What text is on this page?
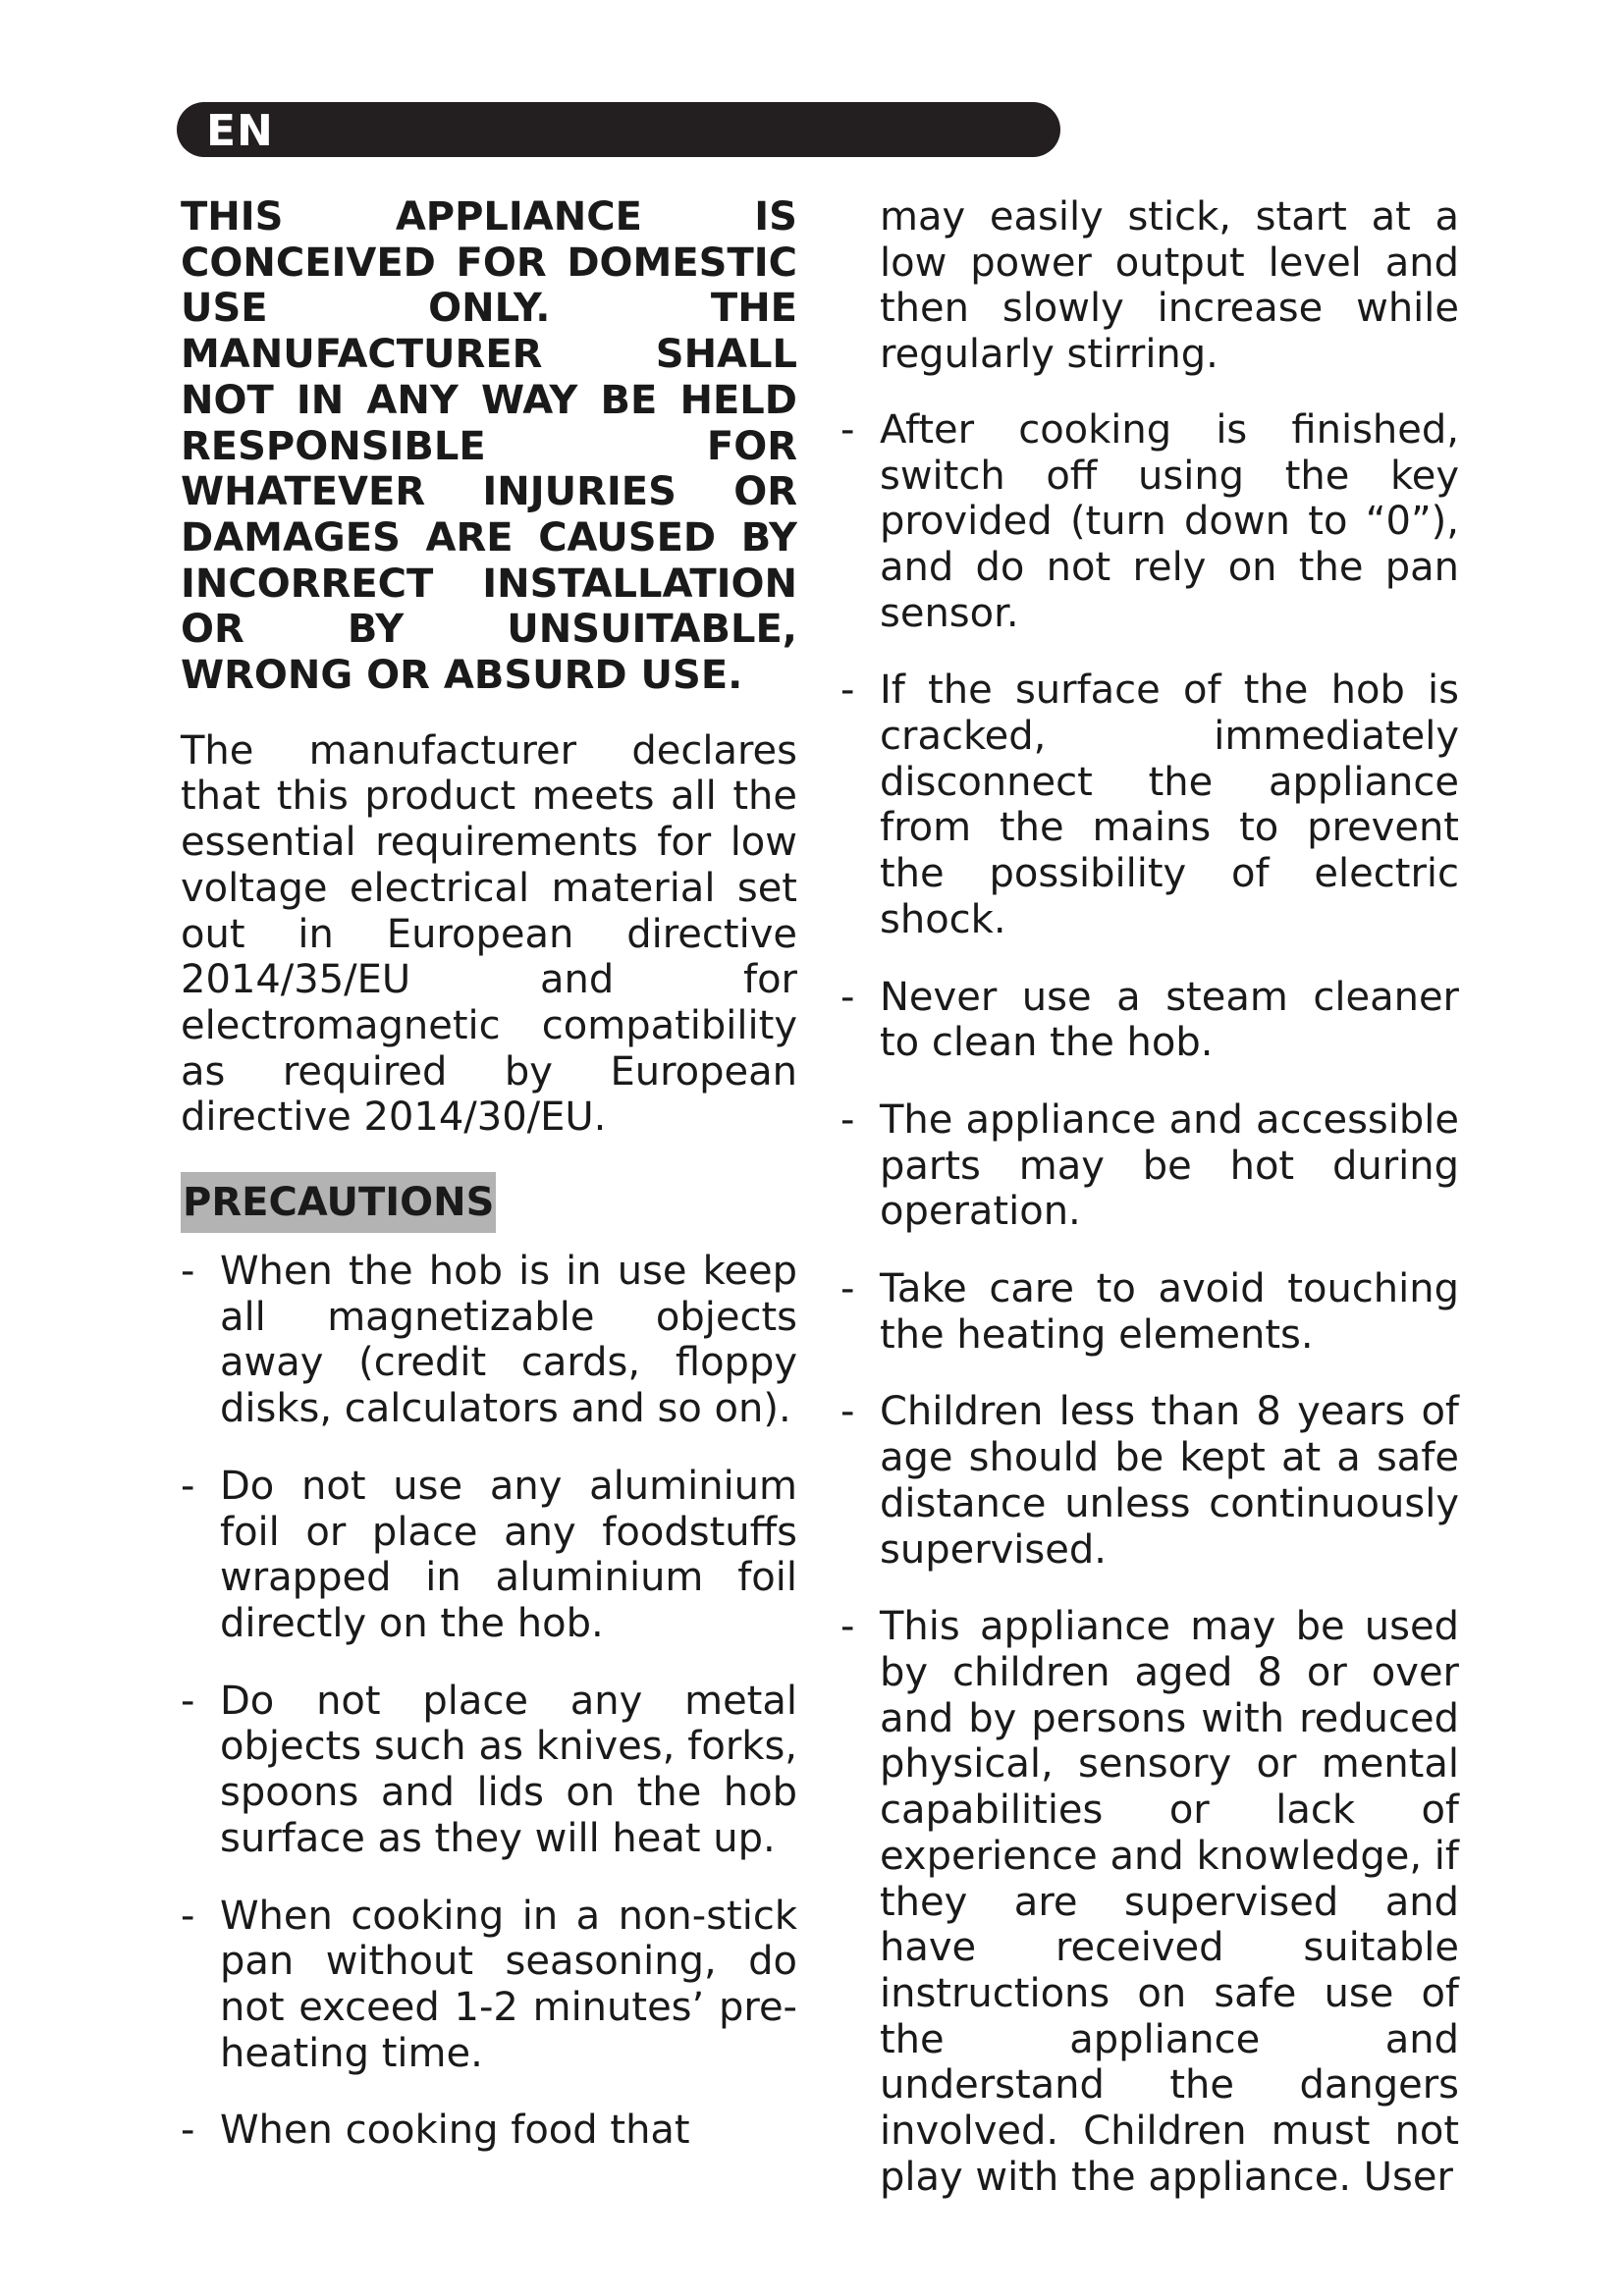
EN

THIS APPLIANCE IS CONCEIVED FOR DOMESTIC USE ONLY. THE MANUFACTURER SHALL NOT IN ANY WAY BE HELD RESPONSIBLE FOR WHATEVER INJURIES OR DAMAGES ARE CAUSED BY INCORRECT INSTALLATION OR BY UNSUITABLE, WRONG OR ABSURD USE.

The manufacturer declares that this product meets all the essential requirements for low voltage electrical material set out in European directive 2014/35/EU and for electromagnetic compatibility as required by European directive 2014/30/EU.

PRECAUTIONS

- When the hob is in use keep all magnetizable objects away (credit cards, floppy disks, calculators and so on).

- Do not use any aluminium foil or place any foodstuffs wrapped in aluminium foil directly on the hob.

- Do not place any metal objects such as knives, forks, spoons and lids on the hob surface as they will heat up.

- When cooking in a non-stick pan without seasoning, do not exceed 1-2 minutes’ pre-heating time.

- When cooking food that

may easily stick, start at a low power output level and then slowly increase while regularly stirring.

- After cooking is finished, switch off using the key provided (turn down to “0”), and do not rely on the pan sensor.

- If the surface of the hob is cracked, immediately disconnect the appliance from the mains to prevent the possibility of electric shock.

- Never use a steam cleaner to clean the hob.

- The appliance and accessible parts may be hot during operation.

- Take care to avoid touching the heating elements.

- Children less than 8 years of age should be kept at a safe distance unless continuously supervised.

- This appliance may be used by children aged 8 or over and by persons with reduced physical, sensory or mental capabilities or lack of experience and knowledge, if they are supervised and have received suitable instructions on safe use of the appliance and understand the dangers involved. Children must not play with the appliance. User
